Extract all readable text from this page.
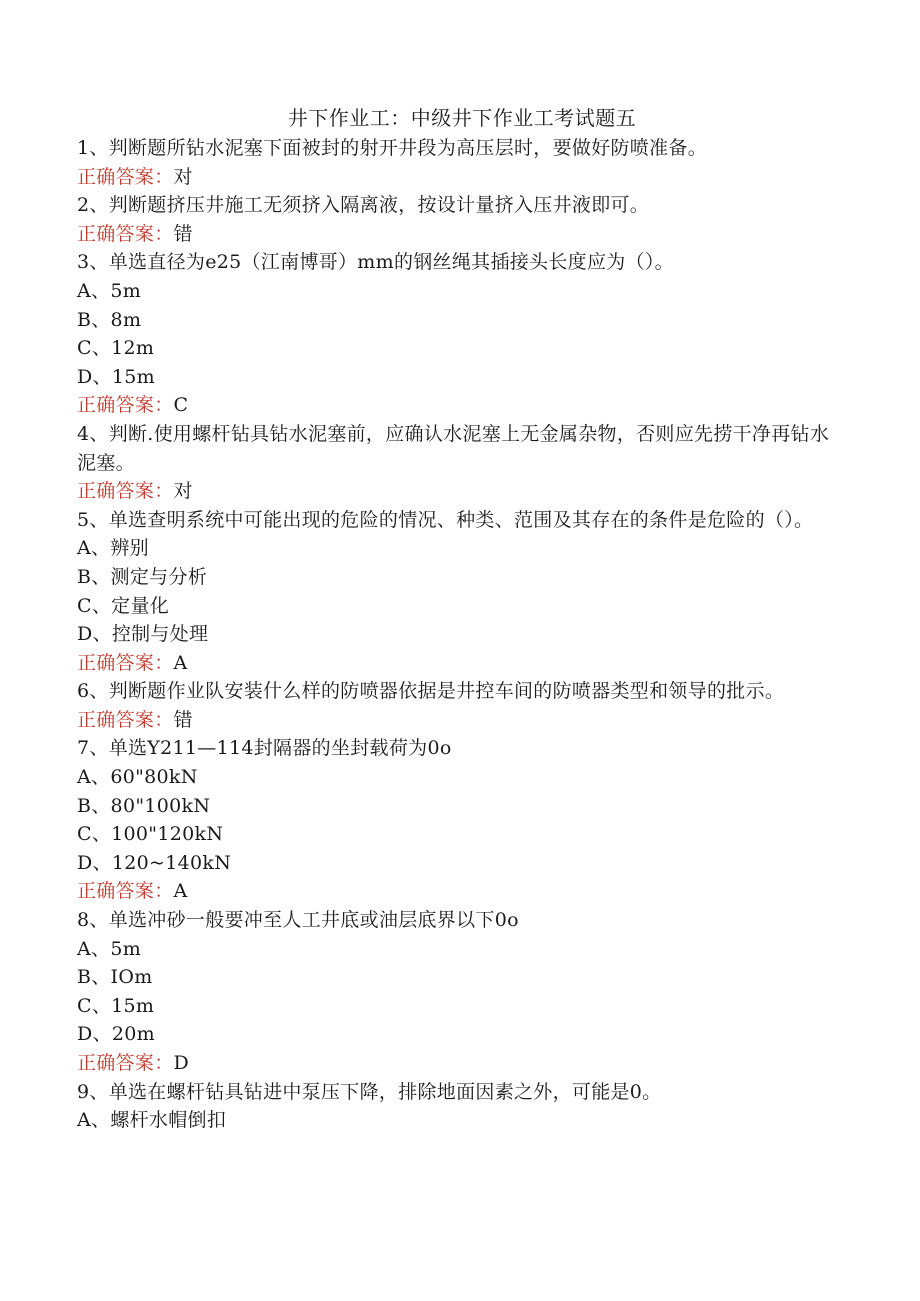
井下作业工：中级井下作业工考试题五
1、判断题所钻水泥塞下面被封的射开井段为高压层时，要做好防喷准备。
正确答案：对
2、判断题挤压井施工无须挤入隔离液，按设计量挤入压井液即可。
正确答案：错
3、单选直径为e25（江南博哥）mm的钢丝绳其插接头长度应为（）。
A、5m
B、8m
C、12m
D、15m
正确答案：C
4、判断.使用螺杆钻具钻水泥塞前，应确认水泥塞上无金属杂物，否则应先捞干净再钻水泥塞。
正确答案：对
5、单选查明系统中可能出现的危险的情况、种类、范围及其存在的条件是危险的（）。
A、辨别
B、测定与分析
C、定量化
D、控制与处理
正确答案：A
6、判断题作业队安装什么样的防喷器依据是井控车间的防喷器类型和领导的批示。
正确答案：错
7、单选Y211—114封隔器的坐封载荷为0o
A、60"80kN
B、80"100kN
C、100"120kN
D、120~140kN
正确答案：A
8、单选冲砂一般要冲至人工井底或油层底界以下0o
A、5m
B、IOm
C、15m
D、20m
正确答案：D
9、单选在螺杆钻具钻进中泵压下降，排除地面因素之外，可能是0。
A、螺杆水帽倒扣
